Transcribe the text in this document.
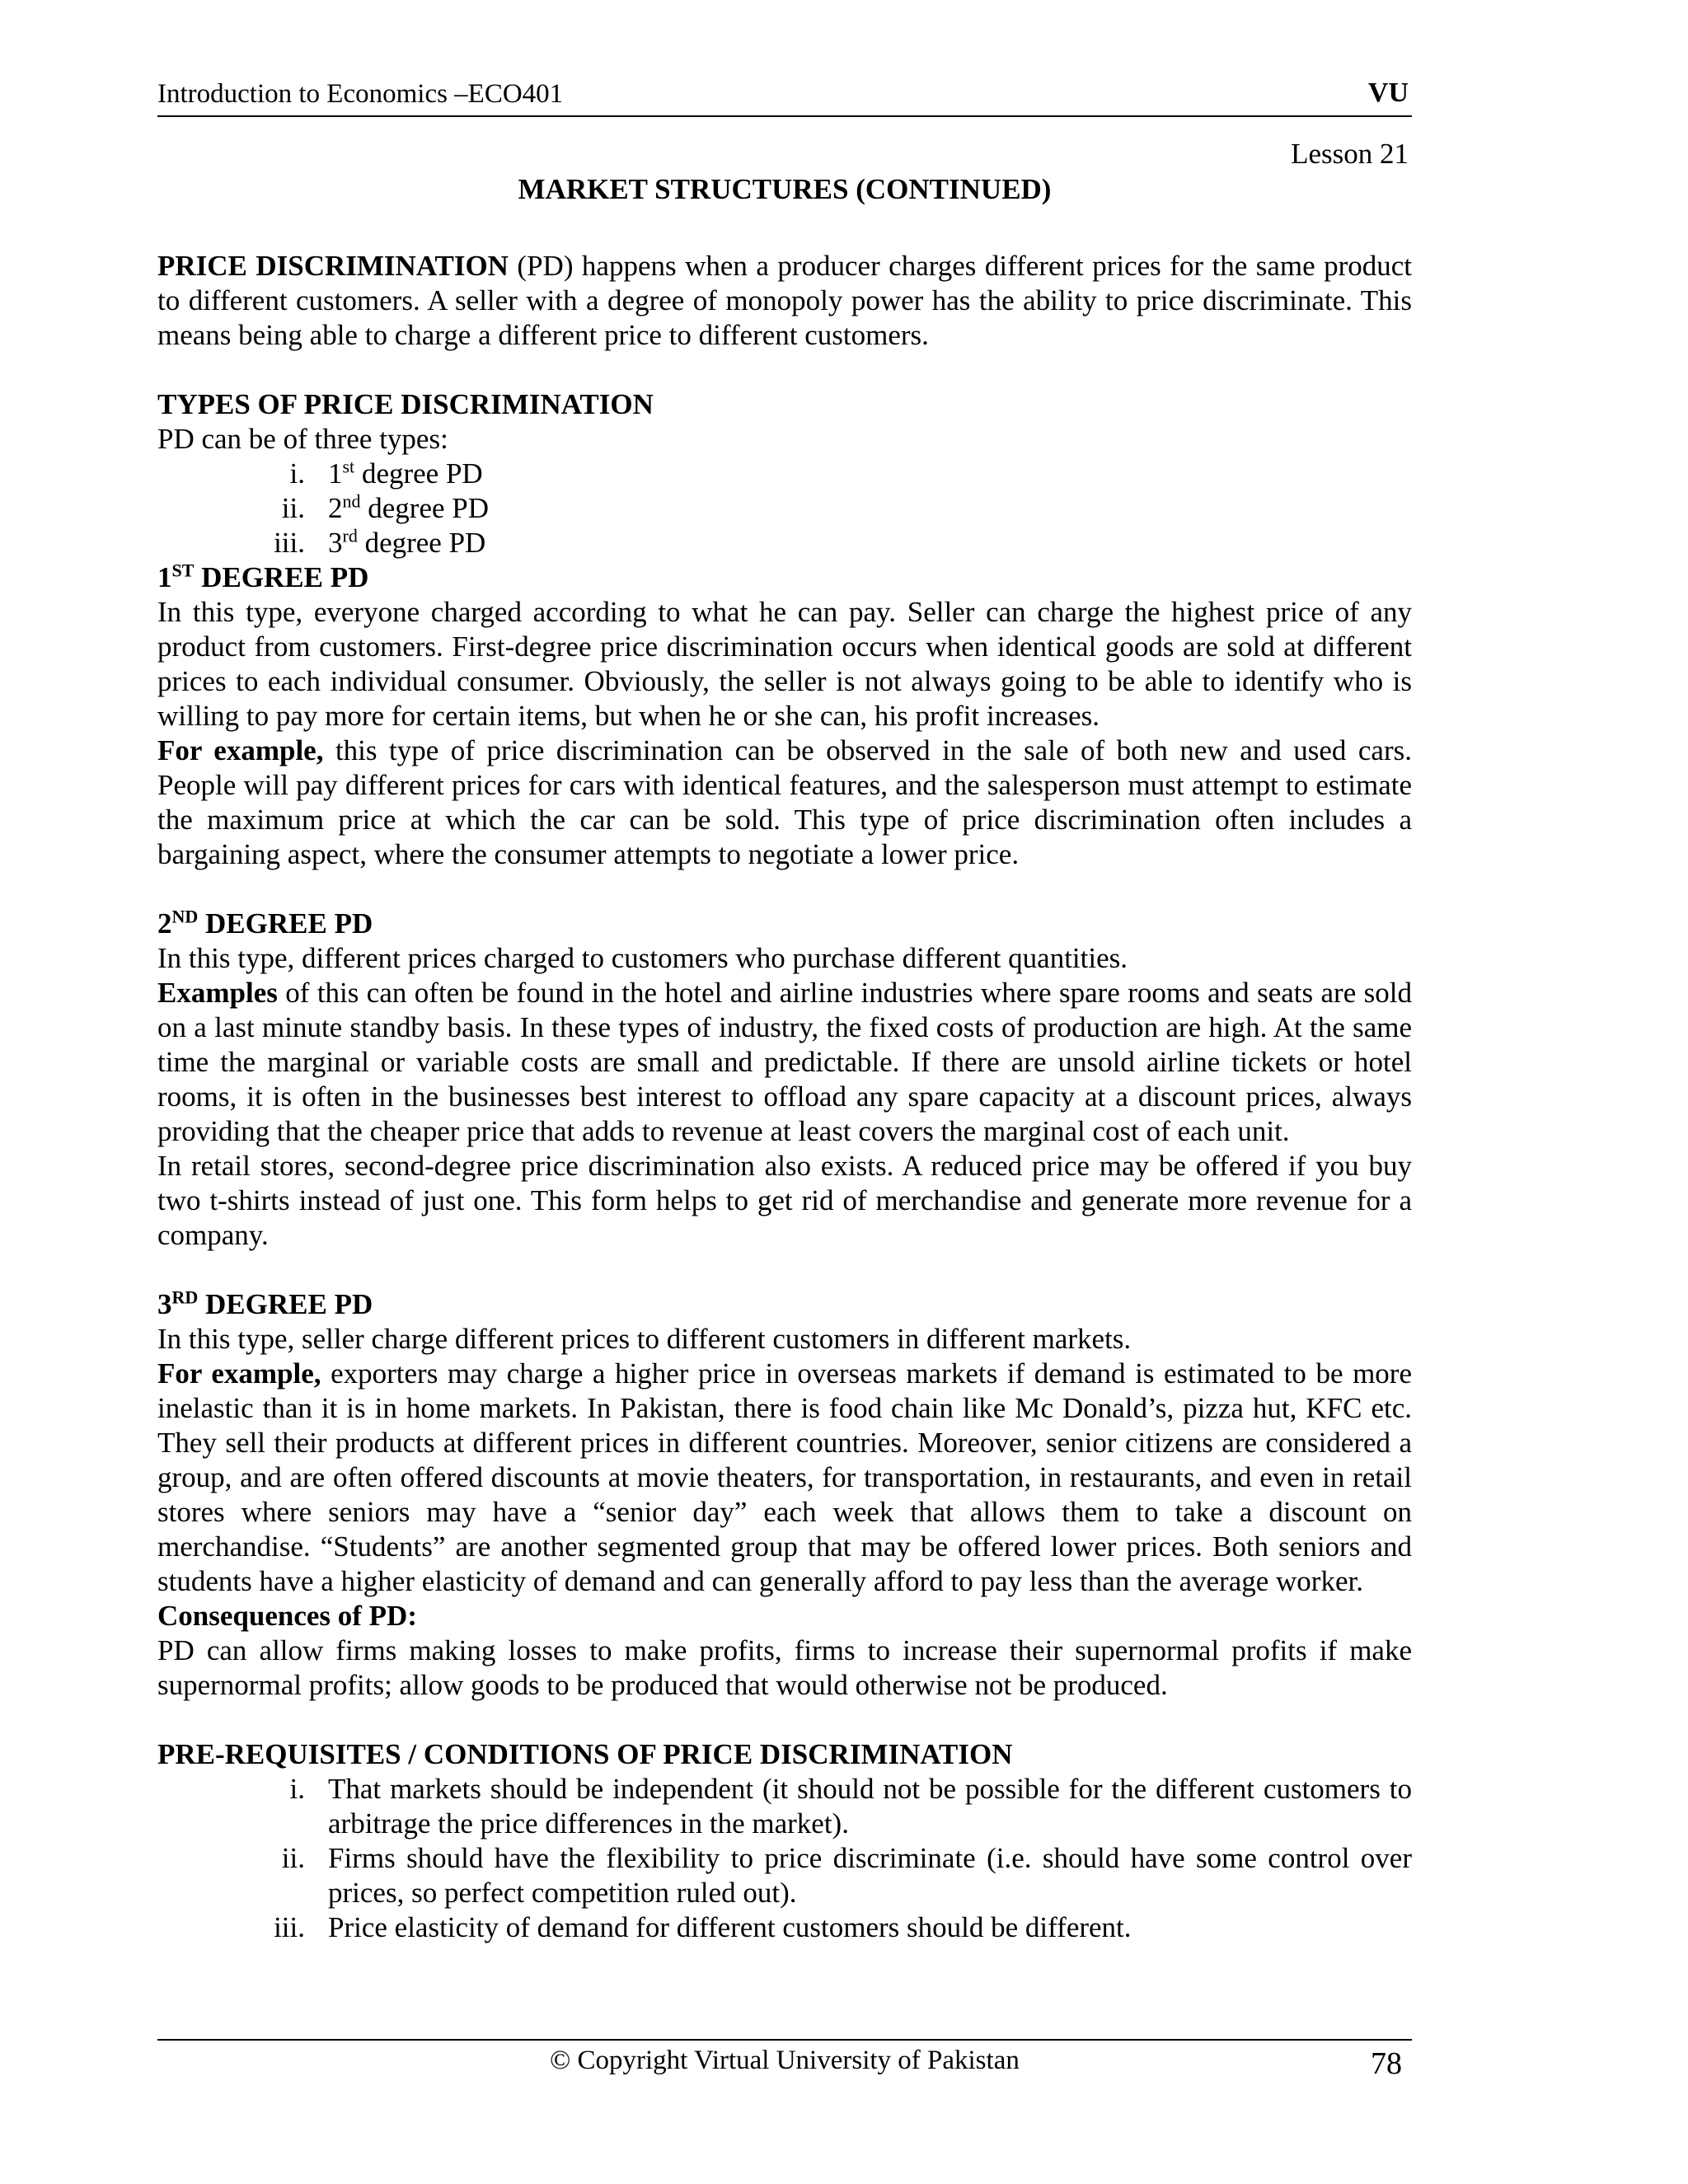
Introduction to Economics –ECO401	VU
Lesson 21
MARKET STRUCTURES (CONTINUED)

PRICE DISCRIMINATION (PD) happens when a producer charges different prices for the same product to different customers. A seller with a degree of monopoly power has the ability to price discriminate. This means being able to charge a different price to different customers.

TYPES OF PRICE DISCRIMINATION
PD can be of three types:
i. 1st degree PD
ii. 2nd degree PD
iii. 3rd degree PD
1ST DEGREE PD

In this type, everyone charged according to what he can pay. Seller can charge the highest price of any product from customers. First-degree price discrimination occurs when identical goods are sold at different prices to each individual consumer. Obviously, the seller is not always going to be able to identify who is willing to pay more for certain items, but when he or she can, his profit increases.

For example, this type of price discrimination can be observed in the sale of both new and used cars. People will pay different prices for cars with identical features, and the salesperson must attempt to estimate the maximum price at which the car can be sold. This type of price discrimination often includes a bargaining aspect, where the consumer attempts to negotiate a lower price.

2ND DEGREE PD

In this type, different prices charged to customers who purchase different quantities.

Examples of this can often be found in the hotel and airline industries where spare rooms and seats are sold on a last minute standby basis. In these types of industry, the fixed costs of production are high. At the same time the marginal or variable costs are small and predictable. If there are unsold airline tickets or hotel rooms, it is often in the businesses best interest to offload any spare capacity at a discount prices, always providing that the cheaper price that adds to revenue at least covers the marginal cost of each unit.

In retail stores, second-degree price discrimination also exists. A reduced price may be offered if you buy two t-shirts instead of just one. This form helps to get rid of merchandise and generate more revenue for a company.

3RD DEGREE PD

In this type, seller charge different prices to different customers in different markets.

For example, exporters may charge a higher price in overseas markets if demand is estimated to be more inelastic than it is in home markets. In Pakistan, there is food chain like Mc Donald’s, pizza hut, KFC etc. They sell their products at different prices in different countries. Moreover, senior citizens are considered a group, and are often offered discounts at movie theaters, for transportation, in restaurants, and even in retail stores where seniors may have a “senior day” each week that allows them to take a discount on merchandise. “Students” are another segmented group that may be offered lower prices. Both seniors and students have a higher elasticity of demand and can generally afford to pay less than the average worker.

Consequences of PD:

PD can allow firms making losses to make profits, firms to increase their supernormal profits if make supernormal profits; allow goods to be produced that would otherwise not be produced.

PRE-REQUISITES / CONDITIONS OF PRICE DISCRIMINATION
i. That markets should be independent (it should not be possible for the different customers to arbitrage the price differences in the market).

ii. Firms should have the flexibility to price discriminate (i.e. should have some control over prices, so perfect competition ruled out).

iii. Price elasticity of demand for different customers should be different.

© Copyright Virtual University of Pakistan	78
